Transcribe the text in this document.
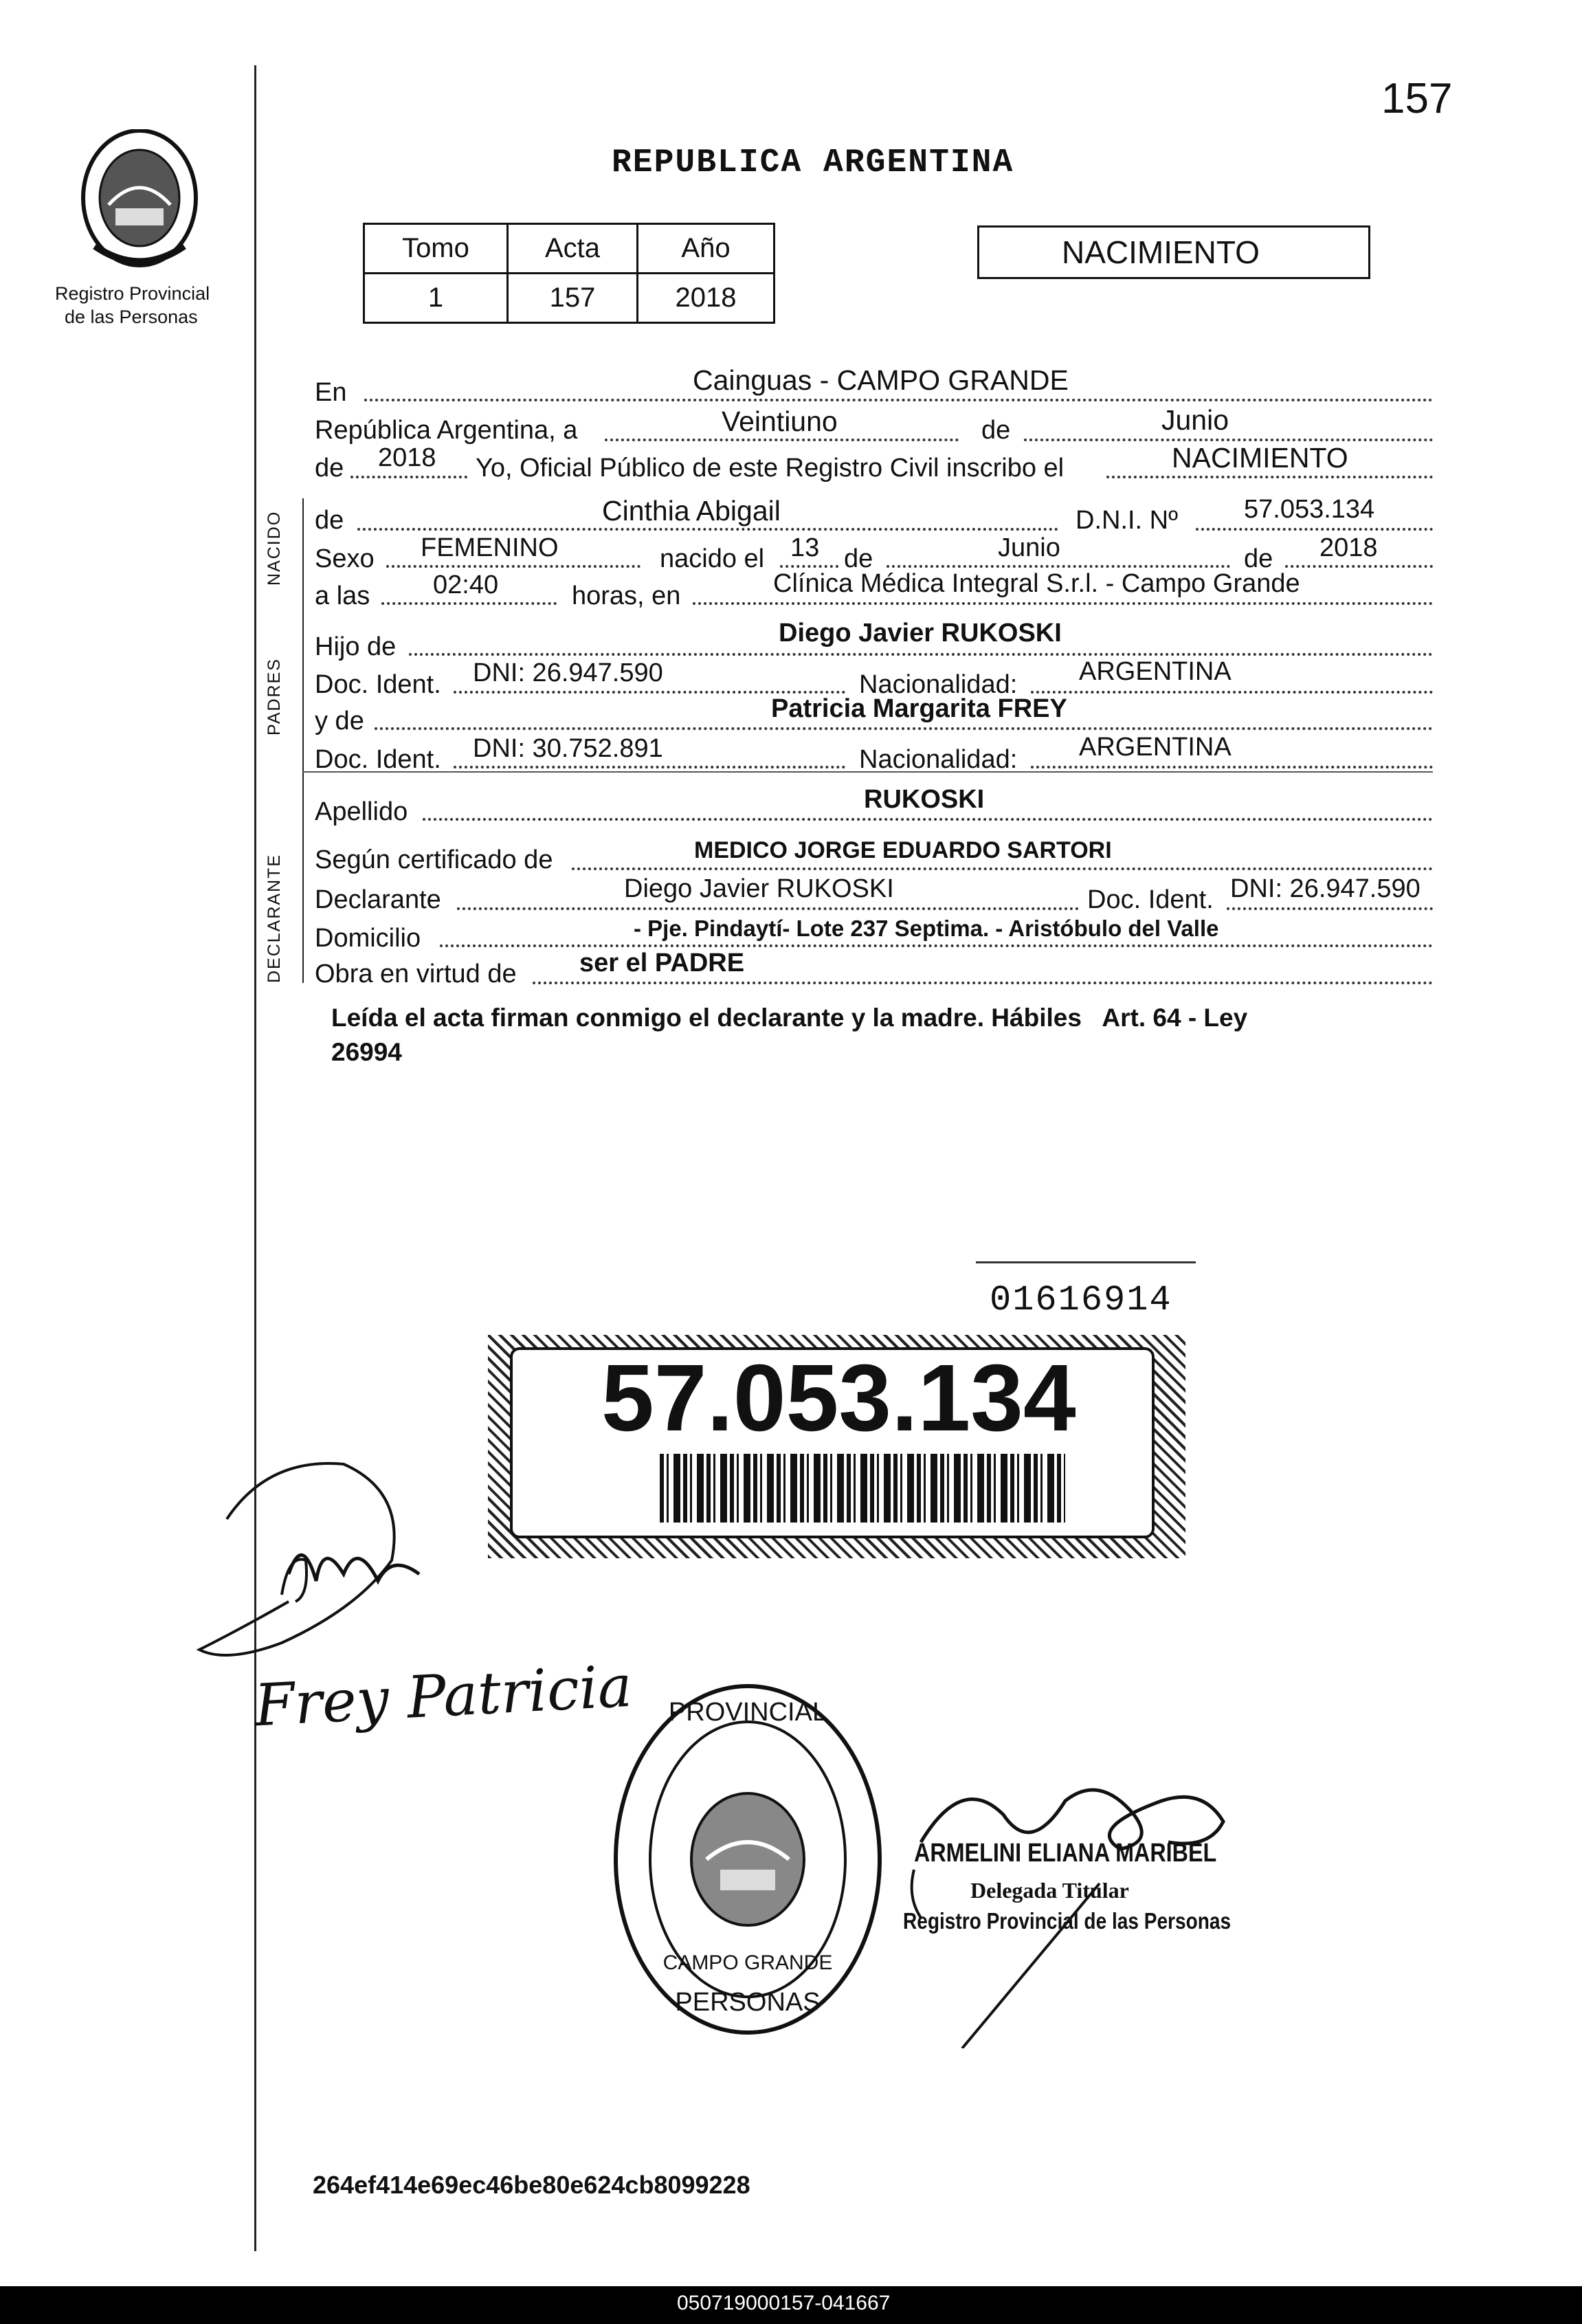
157
Registro Provincial
de las Personas
REPUBLICA ARGENTINA
Tomo	Acta	Año
1	157	2018
NACIMIENTO
En	Cainguas - CAMPO GRANDE
República Argentina, a	Veintiuno	de	Junio
de 2018 Yo, Oficial Público de este Registro Civil inscribo el	NACIMIENTO
NACIDO de	Cinthia Abigail	D.N.I. Nº	57.053.134
Sexo FEMENINO	nacido el 13 de	Junio	de 2018
a las 02:40	horas, en	Clínica Médica Integral S.r.l. - Campo Grande
PADRES
Hijo de	Diego Javier RUKOSKI
Doc. Ident. DNI: 26.947.590	Nacionalidad: ARGENTINA
y de	Patricia Margarita FREY
Doc. Ident. DNI: 30.752.891	Nacionalidad: ARGENTINA
Apellido	RUKOSKI
DECLARANTE Según certificado de	MEDICO JORGE EDUARDO SARTORI
Declarante	Diego Javier RUKOSKI	Doc. Ident. DNI: 26.947.590
Domicilio	- Pje. Pindaytí- Lote 237 Septima. - Aristóbulo del Valle
Obra en virtud de ser el PADRE
Leída el acta firman conmigo el declarante y la madre. Hábiles   Art. 64 - Ley
26994
01616914
57.053.134
Frey Patricia PROVINCIAL
PERSONAS
CAMPO GRANDE
ARMELINI ELIANA MARIBEL
Delegada Titular
Registro Provincial de las Personas
264ef414e69ec46be80e624cb8099228
050719000157-041667
